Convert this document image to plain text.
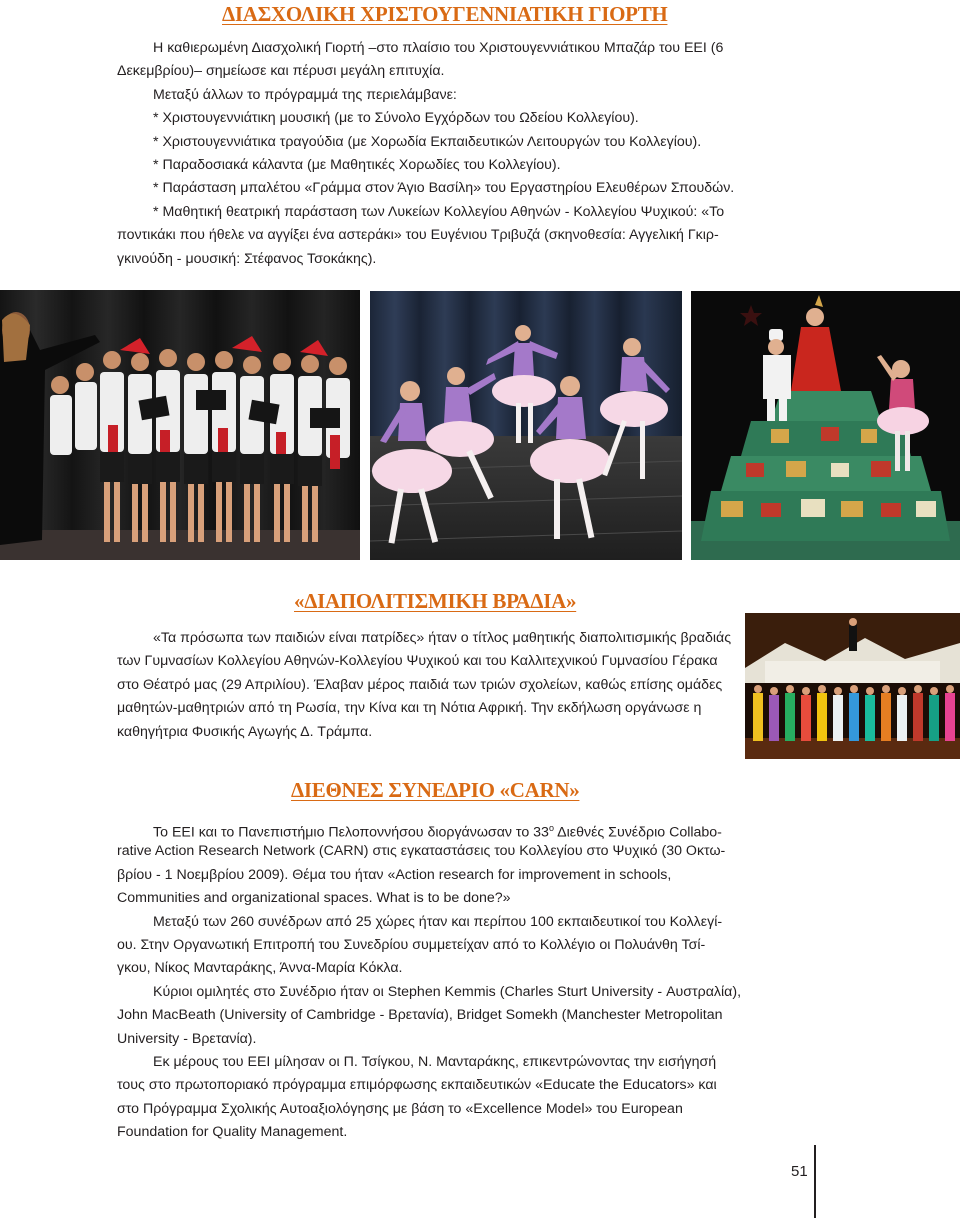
ΔΙΑΣΧΟΛΙΚΗ ΧΡΙΣΤΟΥΓΕΝΝΙΑΤΙΚΗ ΓΙΟΡΤΗ
Η καθιερωμένη Διασχολική Γιορτή –στο πλαίσιο του Χριστουγεννιάτικου Μπαζάρ του ΕΕΙ (6
Δεκεμβρίου)– σημείωσε και πέρυσι μεγάλη επιτυχία.
Μεταξύ άλλων το πρόγραμμά της περιελάμβανε:
* Χριστουγεννιάτικη μουσική (με το Σύνολο Εγχόρδων του Ωδείου Κολλεγίου).
* Χριστουγεννιάτικα τραγούδια (με Χορωδία Εκπαιδευτικών Λειτουργών του Κολλεγίου).
* Παραδοσιακά κάλαντα (με Μαθητικές Χορωδίες του Κολλεγίου).
* Παράσταση μπαλέτου «Γράμμα στον Άγιο Βασίλη» του Εργαστηρίου Ελευθέρων Σπουδών.
* Μαθητική θεατρική παράσταση των Λυκείων Κολλεγίου Αθηνών - Κολλεγίου Ψυχικού: «Το
ποντικάκι που ήθελε να αγγίξει ένα αστεράκι» του Ευγένιου Τριβυζά (σκηνοθεσία: Αγγελική Γκιρ-
γκινούδη - μουσική: Στέφανος Τσοκάκης).
«ΔΙΑΠΟΛΙΤΙΣΜΙΚΗ ΒΡΑΔΙΑ»
«Τα πρόσωπα των παιδιών είναι πατρίδες» ήταν ο τίτλος μαθητικής διαπολιτισμικής βραδιάς
των Γυμνασίων Κολλεγίου Αθηνών-Κολλεγίου Ψυχικού και του Καλλιτεχνικού Γυμνασίου Γέρακα
στο Θέατρό μας (29 Απριλίου). Έλαβαν μέρος παιδιά των τριών σχολείων, καθώς επίσης ομάδες
μαθητών-μαθητριών από τη Ρωσία, την Κίνα και τη Νότια Αφρική. Την εκδήλωση οργάνωσε η
καθηγήτρια Φυσικής Αγωγής Δ. Τράμπα.
ΔΙΕΘΝΕΣ ΣΥΝΕΔΡΙΟ «CARN»
Το ΕΕΙ και το Πανεπιστήμιο Πελοποννήσου διοργάνωσαν το $33^o$ Διεθνές Συνέδριο Collabo-
rative Action Research Network (CARN) στις εγκαταστάσεις του Κολλεγίου στο Ψυχικό (30 Οκτω-
βρίου - 1 Νοεμβρίου 2009). Θέμα του ήταν «Action research for improvement in schools,
Communities and organizational spaces. What is to be done?»
Μεταξύ των 260 συνέδρων από 25 χώρες ήταν και περίπου 100 εκπαιδευτικοί του Κολλεγί-
ου. Στην Οργανωτική Επιτροπή του Συνεδρίου συμμετείχαν από το Κολλέγιο οι Πολυάνθη Τσί-
γκου, Νίκος Μανταράκης, Άννα-Μαρία Κόκλα.
Κύριοι ομιλητές στο Συνέδριο ήταν οι Stephen Kemmis (Charles Sturt University - Αυστραλία),
John MacBeath (University of Cambridge - Βρετανία), Bridget Somekh (Manchester Metropolitan
University - Βρετανία).
Εκ μέρους του ΕΕΙ μίλησαν οι Π. Τσίγκου, Ν. Μανταράκης, επικεντρώνοντας την εισήγησή
τους στο πρωτοποριακό πρόγραμμα επιμόρφωσης εκπαιδευτικών «Educate the Educators» και
στο Πρόγραμμα Σχολικής Αυτοαξιολόγησης με βάση το «Excellence Model» του European
Foundation for Quality Management.
51
